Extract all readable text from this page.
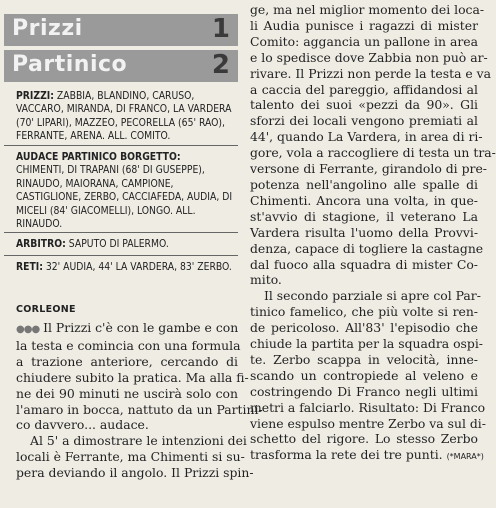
Prizzi	1
Partinico	2
PRIZZI: ZABBIA, BLANDINO, CARUSO, VACCARO, MIRANDA, DI FRANCO, LA VARDERA (70' LIPARI), MAZZEO, PECORELLA (65' RAO), FERRANTE, ARENA. ALL. COMITO.
AUDACE PARTINICO BORGETTO:
CHIMENTI, DI TRAPANI (68' DI GUSEPPE), RINAUDO, MAIORANA, CAMPIONE, CASTIGLIONE, ZERBO, CACCIAFEDA, AUDIA, DI MICELI (84' GIACOMELLI), LONGO. ALL. RINAUDO.
ARBITRO: SAPUTO DI PALERMO.
RETI: 32' AUDIA, 44' LA VARDERA, 83' ZERBO.
CORLEONE
●●● Il Prizzi c'è con le gambe e con
la testa e comincia con una formula
a trazione anteriore, cercando di
chiudere subito la pratica. Ma alla fi-
ne dei 90 minuti ne uscirà solo con
l'amaro in bocca, nattuto da un Partini-
co davvero... audace.
Al 5' a dimostrare le intenzioni dei
locali è Ferrante, ma Chimenti si su-
pera deviando il angolo. Il Prizzi spin-
ge, ma nel miglior momento dei loca-
li Audia punisce i ragazzi di mister
Comito: aggancia un pallone in area
e lo spedisce dove Zabbia non può ar-
rivare. Il Prizzi non perde la testa e va
a caccia del pareggio, affidandosi al
talento dei suoi «pezzi da 90». Gli
sforzi dei locali vengono premiati al
44', quando La Vardera, in area di ri-
gore, vola a raccogliere di testa un tra-
versone di Ferrante, girandolo di pre-
potenza nell'angolino alle spalle di
Chimenti. Ancora una volta, in que-
st'avvio di stagione, il veterano La
Vardera risulta l'uomo della Provvi-
denza, capace di togliere la castagne
dal fuoco alla squadra di mister Co-
mito.
Il secondo parziale si apre col Par-
tinico famelico, che più volte si ren-
de pericoloso. All'83' l'episodio che
chiude la partita per la squadra ospi-
te. Zerbo scappa in velocità, inne-
scando un contropiede al veleno e
costringendo Di Franco negli ultimi
metri a falciarlo. Risultato: Di Franco
viene espulso mentre Zerbo va sul di-
schetto del rigore. Lo stesso Zerbo
trasforma la rete dei tre punti. (*MARA*)
